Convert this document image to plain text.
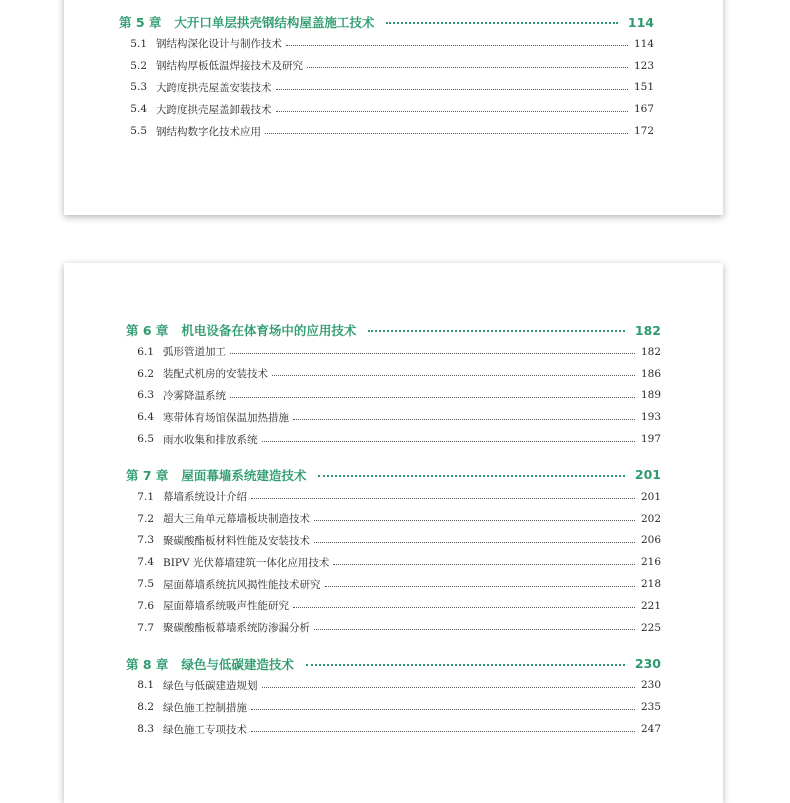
第 5 章 大开口单层拱壳钢结构屋盖施工技术	114
5.1 钢结构深化设计与制作技术	114
5.2 钢结构厚板低温焊接技术及研究	123
5.3 大跨度拱壳屋盖安装技术	151
5.4 大跨度拱壳屋盖卸载技术	167
5.5 钢结构数字化技术应用	172
第 6 章 机电设备在体育场中的应用技术	182
6.1 弧形管道加工	182
6.2 装配式机房的安装技术	186
6.3 冷雾降温系统	189
6.4 寒带体育场馆保温加热措施	193
6.5 雨水收集和排放系统	197
第 7 章 屋面幕墙系统建造技术	201
7.1 幕墙系统设计介绍	201
7.2 超大三角单元幕墙板块制造技术	202
7.3 聚碳酸酯板材料性能及安装技术	206
7.4 BIPV 光伏幕墙建筑一体化应用技术	216
7.5 屋面幕墙系统抗风揭性能技术研究	218
7.6 屋面幕墙系统吸声性能研究	221
7.7 聚碳酸酯板幕墙系统防渗漏分析	225
第 8 章 绿色与低碳建造技术	230
8.1 绿色与低碳建造规划	230
8.2 绿色施工控制措施	235
8.3 绿色施工专项技术	247
